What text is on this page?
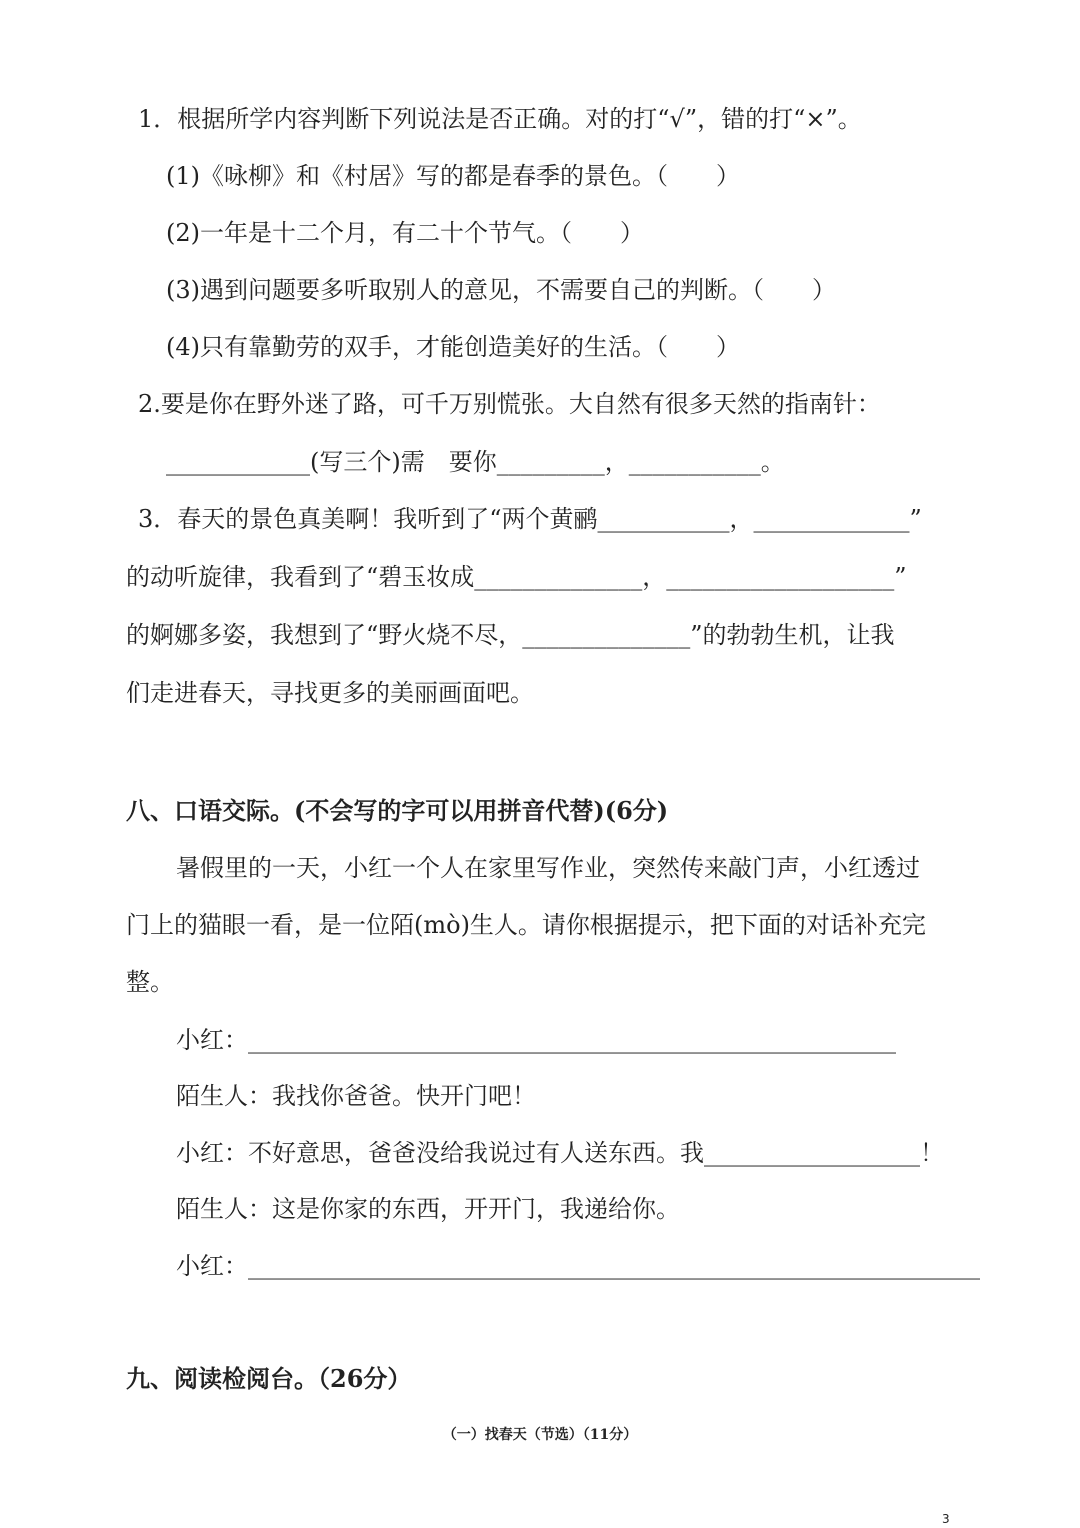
1．根据所学内容判断下列说法是否正确。对的打“√”，错的打“×”。

(1)《咏柳》和《村居》写的都是春季的景色。（　　）

(2)一年是十二个月，有二十个节气。（　　）

(3)遇到问题要多听取别人的意见，不需要自己的判断。（　　）

(4)只有靠勤劳的双手，才能创造美好的生活。（　　）

2.要是你在野外迷了路，可千万别慌张。大自然有很多天然的指南针：

____________(写三个)需　要你_________，___________。

3．春天的景色真美啊！我听到了“两个黄鹂___________，_____________”

的动听旋律，我看到了“碧玉妆成______________，___________________”

的婀娜多姿，我想到了“野火烧不尽，______________”的勃勃生机，让我

们走进春天，寻找更多的美丽画面吧。

八、口语交际。(不会写的字可以用拼音代替)(6分)

暑假里的一天，小红一个人在家里写作业，突然传来敲门声，小红透过

门上的猫眼一看，是一位陌(mò)生人。请你根据提示，把下面的对话补充完

整。

小红：______________________________________________________

陌生人：我找你爸爸。快开门吧！

小红：不好意思，爸爸没给我说过有人送东西。我__________________！

陌生人：这是你家的东西，开开门，我递给你。

小红：_____________________________________________________________

九、阅读检阅台。（26分）

（一）找春天（节选）（11分）

3
